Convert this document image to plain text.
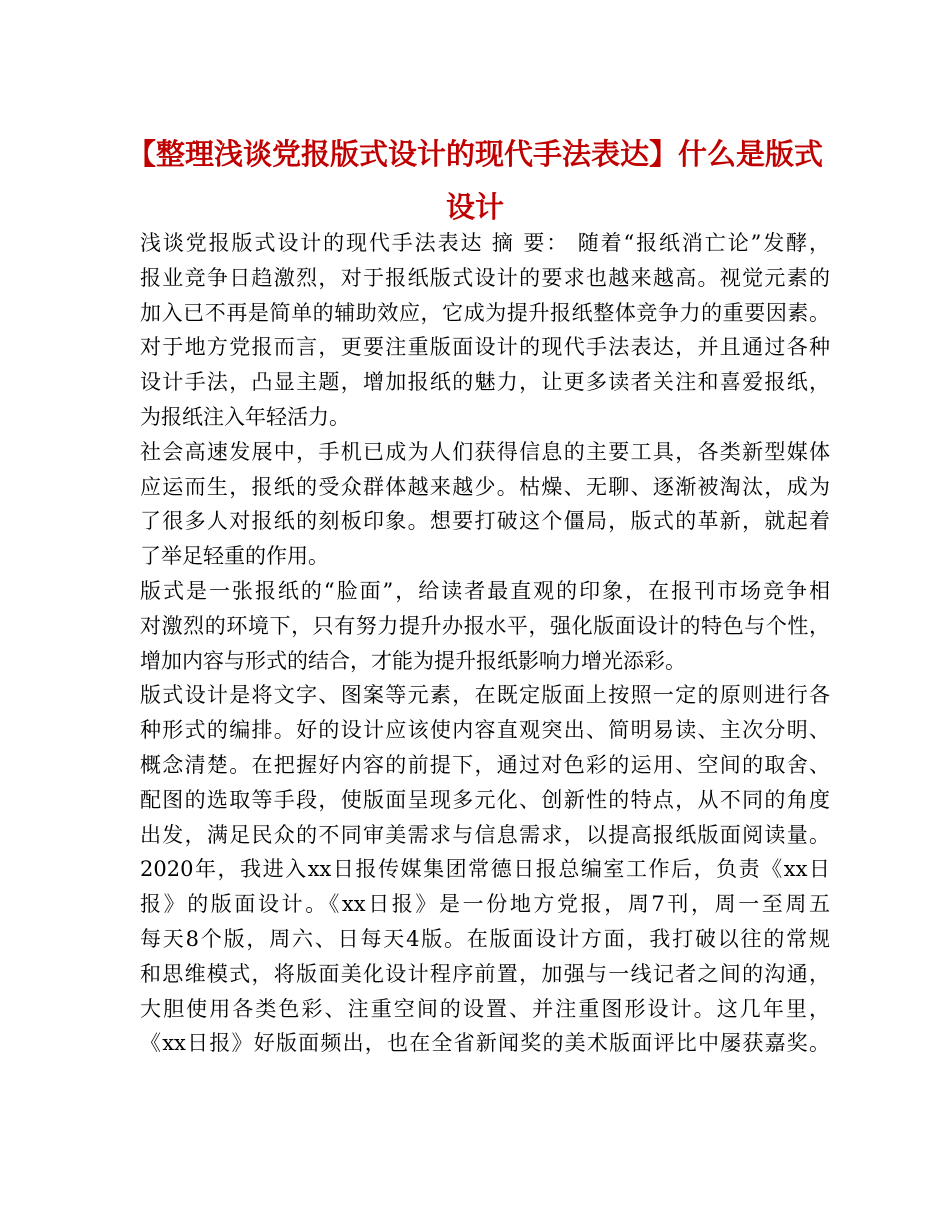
【整理浅谈党报版式设计的现代手法表达】什么是版式
设计
浅谈党报版式设计的现代手法表达 摘 要： 随着“报纸消亡论”发酵，
报业竞争日趋激烈，对于报纸版式设计的要求也越来越高。视觉元素的
加入已不再是简单的辅助效应，它成为提升报纸整体竞争力的重要因素。
对于地方党报而言，更要注重版面设计的现代手法表达，并且通过各种
设计手法，凸显主题，增加报纸的魅力，让更多读者关注和喜爱报纸，
为报纸注入年轻活力。
社会高速发展中，手机已成为人们获得信息的主要工具，各类新型媒体
应运而生，报纸的受众群体越来越少。枯燥、无聊、逐渐被淘汰，成为
了很多人对报纸的刻板印象。想要打破这个僵局，版式的革新，就起着
了举足轻重的作用。
版式是一张报纸的“脸面”，给读者最直观的印象，在报刊市场竞争相
对激烈的环境下，只有努力提升办报水平，强化版面设计的特色与个性，
增加内容与形式的结合，才能为提升报纸影响力增光添彩。
版式设计是将文字、图案等元素，在既定版面上按照一定的原则进行各
种形式的编排。好的设计应该使内容直观突出、简明易读、主次分明、
概念清楚。在把握好内容的前提下，通过对色彩的运用、空间的取舍、
配图的选取等手段，使版面呈现多元化、创新性的特点，从不同的角度
出发，满足民众的不同审美需求与信息需求，以提高报纸版面阅读量。
2020年，我进入xx日报传媒集团常德日报总编室工作后，负责《xx日
报》的版面设计。《xx日报》是一份地方党报，周7刊，周一至周五
每天8个版，周六、日每天4版。在版面设计方面，我打破以往的常规
和思维模式，将版面美化设计程序前置，加强与一线记者之间的沟通，
大胆使用各类色彩、注重空间的设置、并注重图形设计。这几年里，
《xx日报》好版面频出，也在全省新闻奖的美术版面评比中屡获嘉奖。
